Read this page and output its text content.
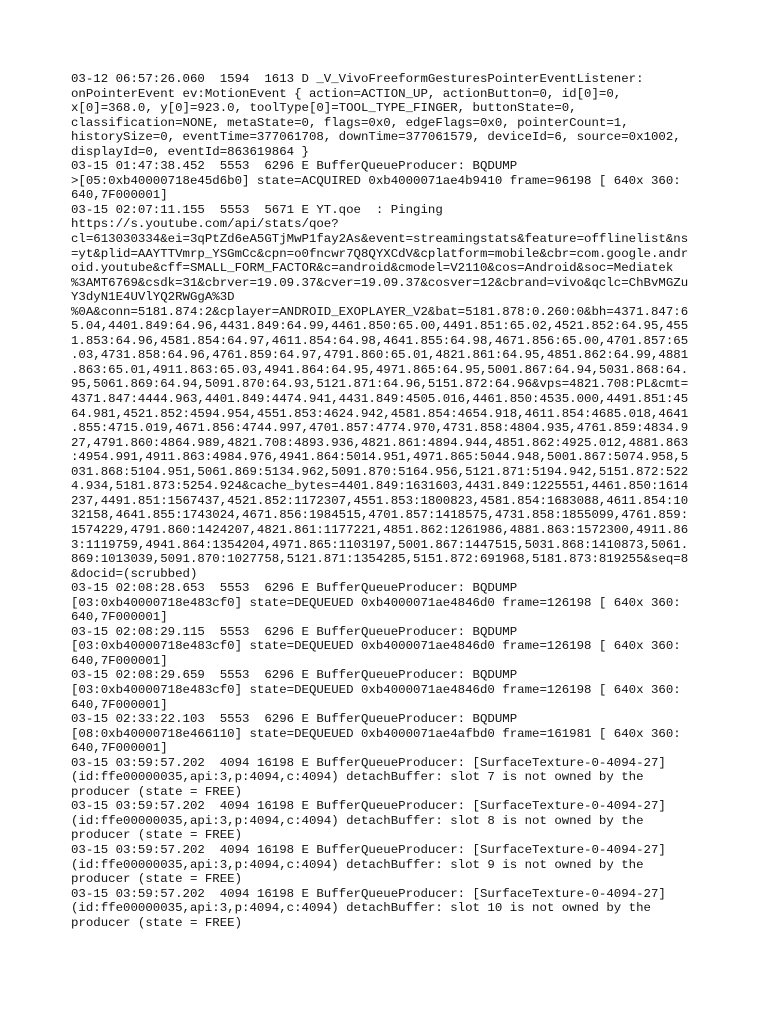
03-12 06:57:26.060  1594  1613 D _V_VivoFreeformGesturesPointerEventListener:
onPointerEvent ev:MotionEvent { action=ACTION_UP, actionButton=0, id[0]=0,
x[0]=368.0, y[0]=923.0, toolType[0]=TOOL_TYPE_FINGER, buttonState=0,
classification=NONE, metaState=0, flags=0x0, edgeFlags=0x0, pointerCount=1,
historySize=0, eventTime=377061708, downTime=377061579, deviceId=6, source=0x1002,
displayId=0, eventId=863619864 }

03-15 01:47:38.452  5553  6296 E BufferQueueProducer: BQDUMP
>[05:0xb40000718e45d6b0] state=ACQUIRED 0xb4000071ae4b9410 frame=96198 [ 640x 360:
640,7F000001]

03-15 02:07:11.155  5553  5671 E YT.qoe  : Pinging
https://s.youtube.com/api/stats/qoe?
cl=613030334&ei=3qPtZd6eA5GTjMwP1fay2As&event=streamingstats&feature=offlinelist&ns
=yt&plid=AAYTTVmrp_YSGmCc&cpn=o0fncwr7Q8QYXCdV&cplatform=mobile&cbr=com.google.andr
oid.youtube&cff=SMALL_FORM_FACTOR&c=android&cmodel=V2110&cos=Android&soc=Mediatek
%3AMT6769&csdk=31&cbrver=19.09.37&cver=19.09.37&cosver=12&cbrand=vivo&qclc=ChBvMGZu
Y3dyN1E4UVlYQ2RWGgA%3D
%0A&conn=5181.874:2&cplayer=ANDROID_EXOPLAYER_V2&bat=5181.878:0.260:0&bh=4371.847:6
5.04,4401.849:64.96,4431.849:64.99,4461.850:65.00,4491.851:65.02,4521.852:64.95,455
1.853:64.96,4581.854:64.97,4611.854:64.98,4641.855:64.98,4671.856:65.00,4701.857:65
.03,4731.858:64.96,4761.859:64.97,4791.860:65.01,4821.861:64.95,4851.862:64.99,4881
.863:65.01,4911.863:65.03,4941.864:64.95,4971.865:64.95,5001.867:64.94,5031.868:64.
95,5061.869:64.94,5091.870:64.93,5121.871:64.96,5151.872:64.96&vps=4821.708:PL&cmt=
4371.847:4444.963,4401.849:4474.941,4431.849:4505.016,4461.850:4535.000,4491.851:45
64.981,4521.852:4594.954,4551.853:4624.942,4581.854:4654.918,4611.854:4685.018,4641
.855:4715.019,4671.856:4744.997,4701.857:4774.970,4731.858:4804.935,4761.859:4834.9
27,4791.860:4864.989,4821.708:4893.936,4821.861:4894.944,4851.862:4925.012,4881.863
:4954.991,4911.863:4984.976,4941.864:5014.951,4971.865:5044.948,5001.867:5074.958,5
031.868:5104.951,5061.869:5134.962,5091.870:5164.956,5121.871:5194.942,5151.872:522
4.934,5181.873:5254.924&cache_bytes=4401.849:1631603,4431.849:1225551,4461.850:1614
237,4491.851:1567437,4521.852:1172307,4551.853:1800823,4581.854:1683088,4611.854:10
32158,4641.855:1743024,4671.856:1984515,4701.857:1418575,4731.858:1855099,4761.859:
1574229,4791.860:1424207,4821.861:1177221,4851.862:1261986,4881.863:1572300,4911.86
3:1119759,4941.864:1354204,4971.865:1103197,5001.867:1447515,5031.868:1410873,5061.
869:1013039,5091.870:1027758,5121.871:1354285,5151.872:691968,5181.873:819255&seq=8
&docid=(scrubbed)

03-15 02:08:28.653  5553  6296 E BufferQueueProducer: BQDUMP
[03:0xb40000718e483cf0] state=DEQUEUED 0xb4000071ae4846d0 frame=126198 [ 640x 360:
640,7F000001]

03-15 02:08:29.115  5553  6296 E BufferQueueProducer: BQDUMP
[03:0xb40000718e483cf0] state=DEQUEUED 0xb4000071ae4846d0 frame=126198 [ 640x 360:
640,7F000001]

03-15 02:08:29.659  5553  6296 E BufferQueueProducer: BQDUMP
[03:0xb40000718e483cf0] state=DEQUEUED 0xb4000071ae4846d0 frame=126198 [ 640x 360:
640,7F000001]

03-15 02:33:22.103  5553  6296 E BufferQueueProducer: BQDUMP
[08:0xb40000718e466110] state=DEQUEUED 0xb4000071ae4afbd0 frame=161981 [ 640x 360:
640,7F000001]

03-15 03:59:57.202  4094 16198 E BufferQueueProducer: [SurfaceTexture-0-4094-27]
(id:ffe00000035,api:3,p:4094,c:4094) detachBuffer: slot 7 is not owned by the
producer (state = FREE)

03-15 03:59:57.202  4094 16198 E BufferQueueProducer: [SurfaceTexture-0-4094-27]
(id:ffe00000035,api:3,p:4094,c:4094) detachBuffer: slot 8 is not owned by the
producer (state = FREE)

03-15 03:59:57.202  4094 16198 E BufferQueueProducer: [SurfaceTexture-0-4094-27]
(id:ffe00000035,api:3,p:4094,c:4094) detachBuffer: slot 9 is not owned by the
producer (state = FREE)

03-15 03:59:57.202  4094 16198 E BufferQueueProducer: [SurfaceTexture-0-4094-27]
(id:ffe00000035,api:3,p:4094,c:4094) detachBuffer: slot 10 is not owned by the
producer (state = FREE)
